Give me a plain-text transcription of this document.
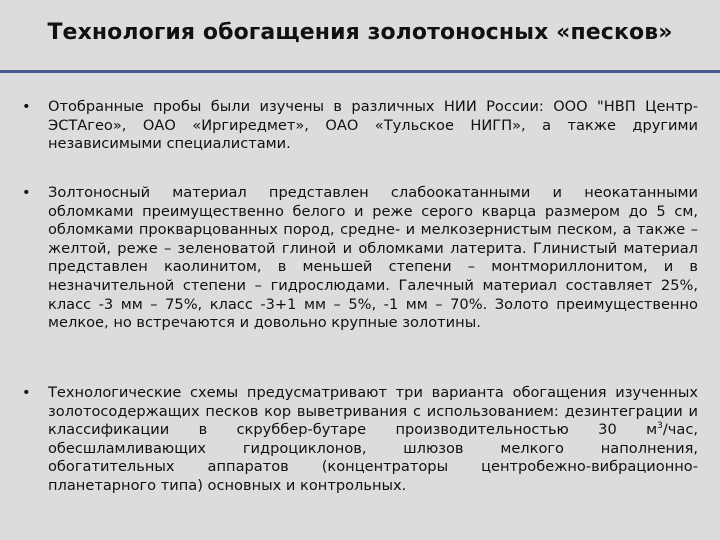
Технология обогащения золотоносных «песков»
•	Отобранные пробы были изучены в различных НИИ России: ООО "НВП Центр-ЭСТАгео», ОАО «Иргиредмет», ОАО «Тульское НИГП», а также другими независимыми специалистами.
•	Золтоносный материал представлен слабоокатанными и неокатанными обломками преимущественно белого и реже серого кварца размером до 5 см, обломками прокварцованных пород, средне- и мелкозернистым песком, а также – желтой, реже – зеленоватой глиной и обломками латерита. Глинистый материал представлен каолинитом, в меньшей степени – монтмориллонитом, и в незначительной степени – гидрослюдами. Галечный материал составляет 25%, класс -3 мм – 75%, класс -3+1 мм – 5%, -1 мм – 70%. Золото преимущественно мелкое, но встречаются и довольно крупные золотины.
•	Технологические схемы предусматривают три варианта обогащения изученных золотосодержащих песков кор выветривания с использованием: дезинтеграции и классификации в скруббер-бутаре производительностью 30 $м^3$/час, обесшламливающих гидроциклонов, шлюзов мелкого наполнения, обогатительных аппаратов (концентраторы центробежно-вибрационно-планетарного типа) основных и контрольных.
